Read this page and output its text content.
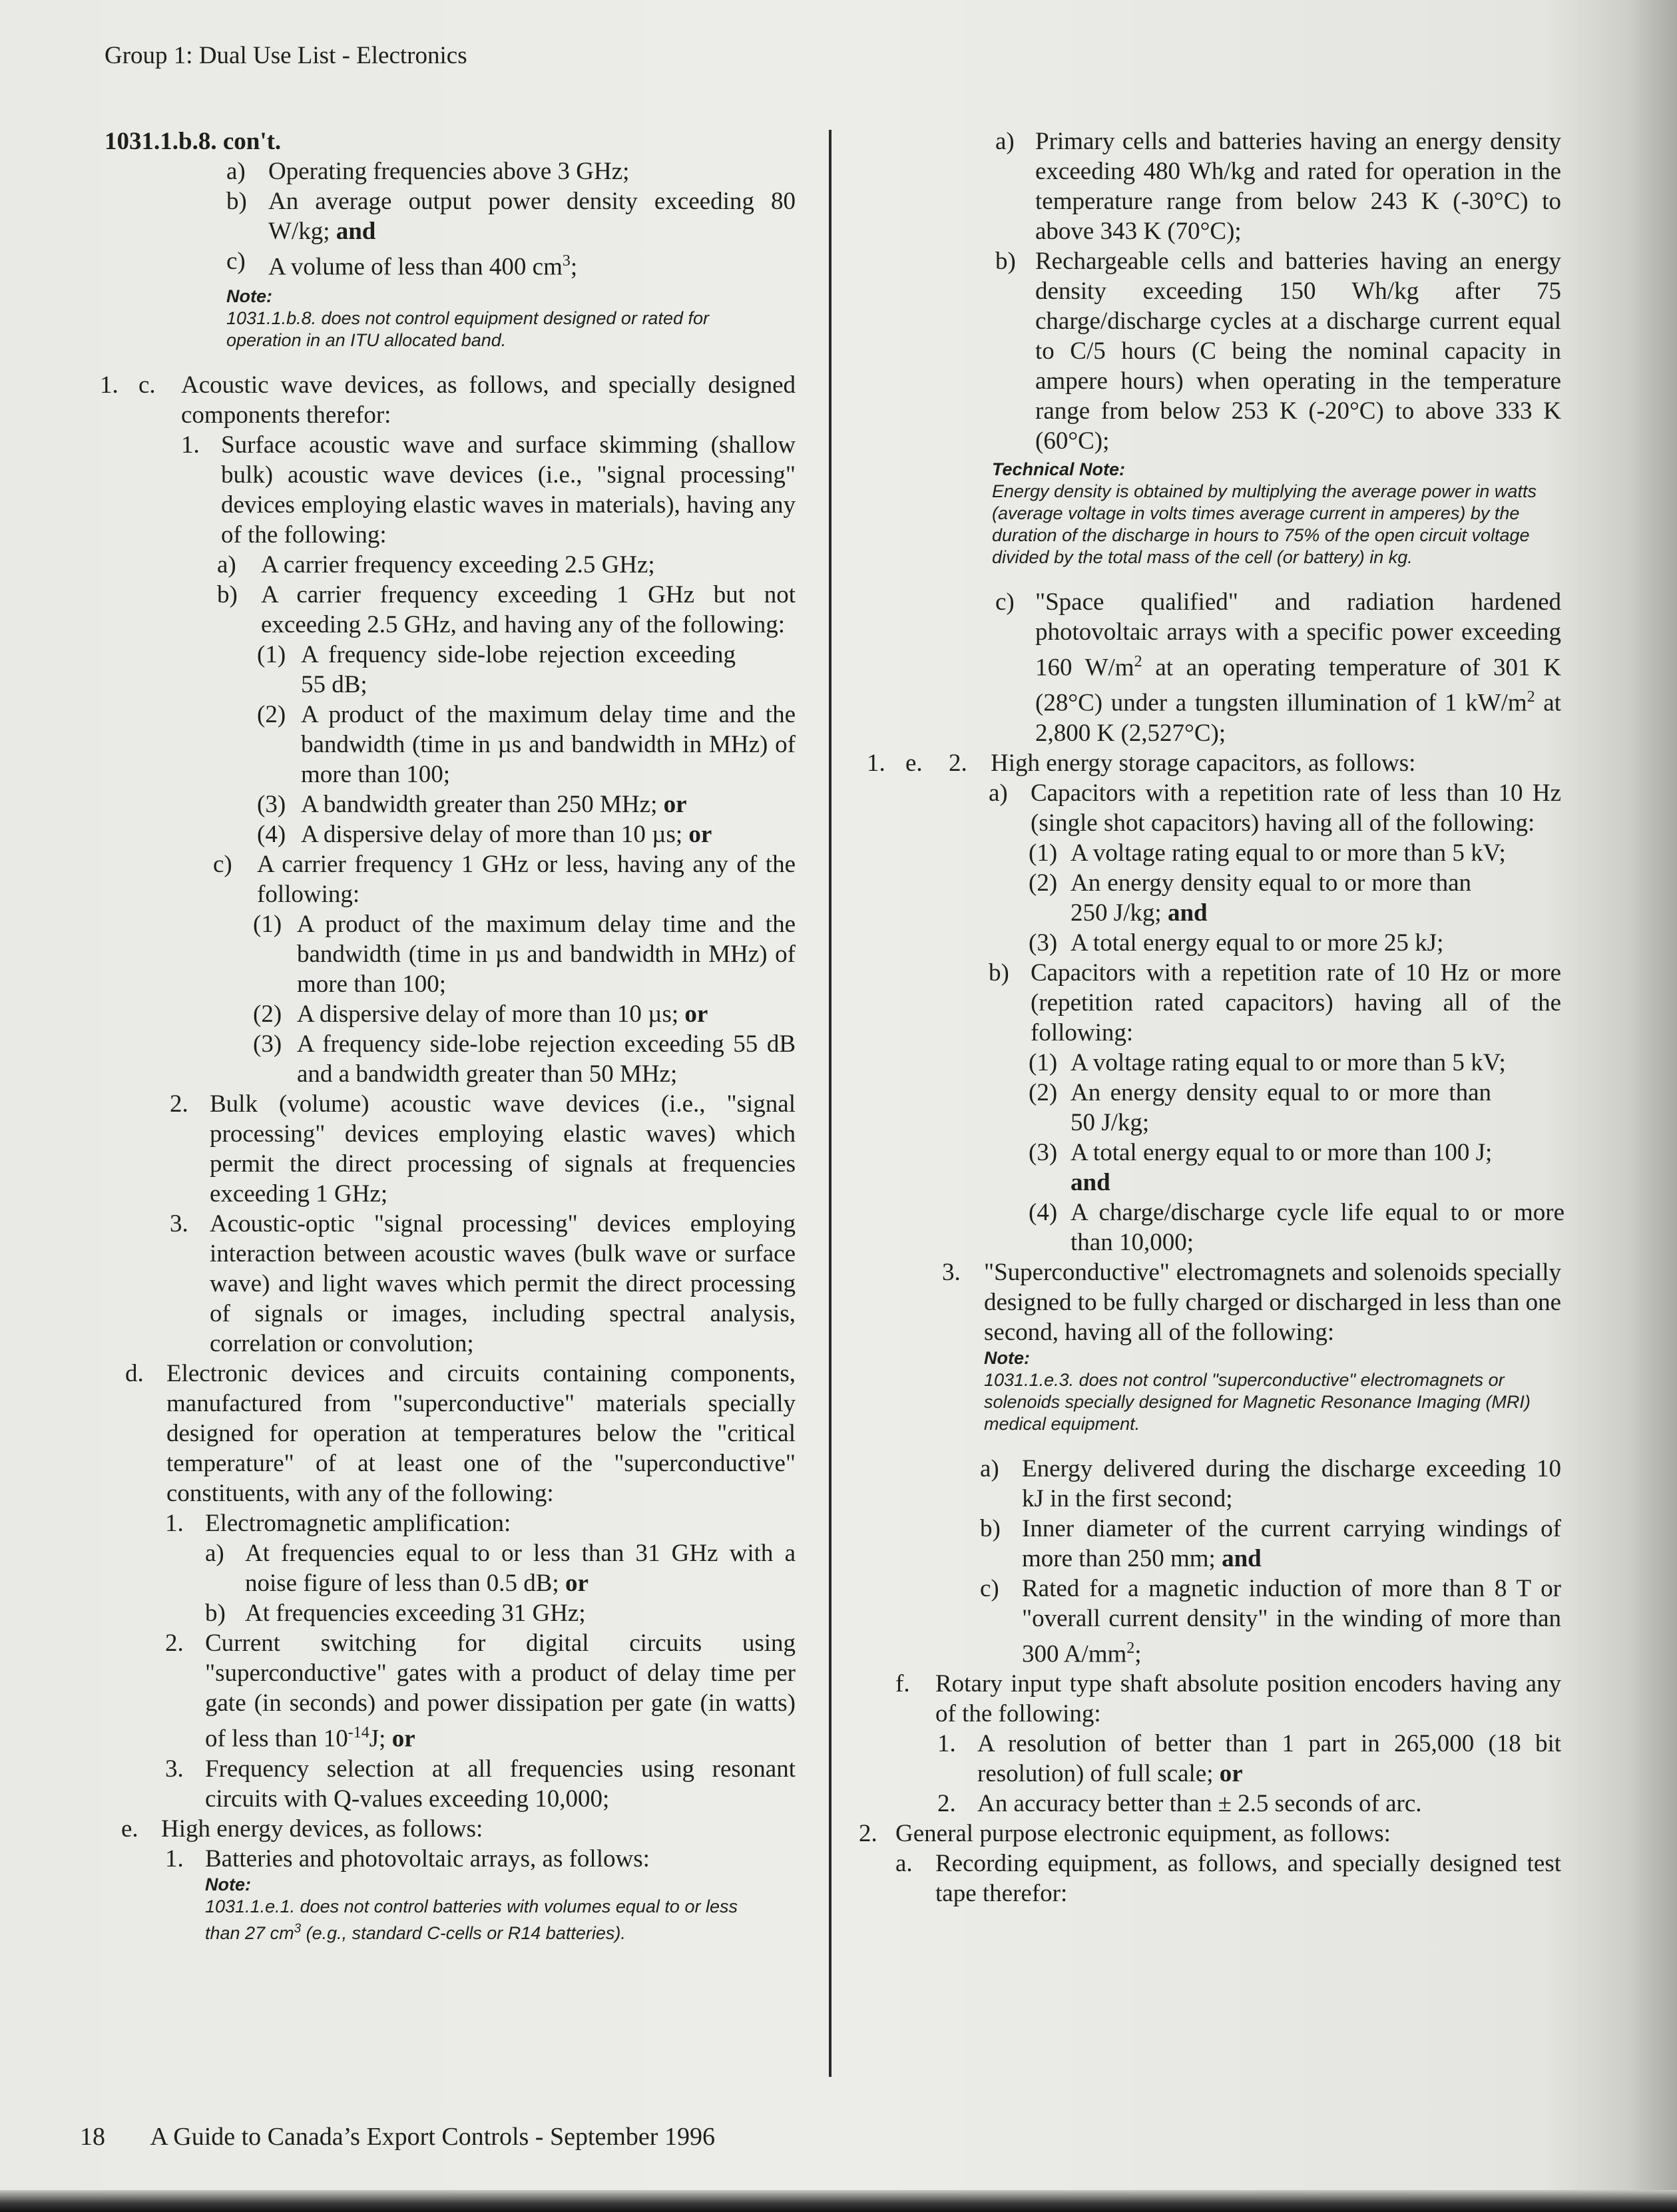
Group 1: Dual Use List - Electronics
1031.1.b.8. con't.
a) Operating frequencies above 3 GHz;
b) An average output power density exceeding 80 W/kg; and
c) A volume of less than 400 $cm^3$;
Note:
1031.1.b.8. does not control equipment designed or rated for operation in an ITU allocated band.
1. c. Acoustic wave devices, as follows, and specially designed components therefor:
1. Surface acoustic wave and surface skimming (shallow bulk) acoustic wave devices (i.e., "signal processing" devices employing elastic waves in materials), having any of the following:
a) A carrier frequency exceeding 2.5 GHz;
b) A carrier frequency exceeding 1 GHz but not exceeding 2.5 GHz, and having any of the following:
(1) A frequency side-lobe rejection exceeding 55 dB;
(2) A product of the maximum delay time and the bandwidth (time in µs and bandwidth in MHz) of more than 100;
(3) A bandwidth greater than 250 MHz; or
(4) A dispersive delay of more than 10 µs; or
c) A carrier frequency 1 GHz or less, having any of the following:
(1) A product of the maximum delay time and the bandwidth (time in µs and bandwidth in MHz) of more than 100;
(2) A dispersive delay of more than 10 µs; or
(3) A frequency side-lobe rejection exceeding 55 dB and a bandwidth greater than 50 MHz;
2. Bulk (volume) acoustic wave devices (i.e., "signal processing" devices employing elastic waves) which permit the direct processing of signals at frequencies exceeding 1 GHz;
3. Acoustic-optic "signal processing" devices employing interaction between acoustic waves (bulk wave or surface wave) and light waves which permit the direct processing of signals or images, including spectral analysis, correlation or convolution;
d. Electronic devices and circuits containing components, manufactured from "superconductive" materials specially designed for operation at temperatures below the "critical temperature" of at least one of the "superconductive" constituents, with any of the following:
1. Electromagnetic amplification:
a) At frequencies equal to or less than 31 GHz with a noise figure of less than 0.5 dB; or
b) At frequencies exceeding 31 GHz;
2. Current switching for digital circuits using "superconductive" gates with a product of delay time per gate (in seconds) and power dissipation per gate (in watts) of less than $10^{-14}J$; or
3. Frequency selection at all frequencies using resonant circuits with Q-values exceeding 10,000;
e. High energy devices, as follows:
1. Batteries and photovoltaic arrays, as follows:
Note:
1031.1.e.1. does not control batteries with volumes equal to or less than 27 $cm^3$ (e.g., standard C-cells or R14 batteries).
a) Primary cells and batteries having an energy density exceeding 480 Wh/kg and rated for operation in the temperature range from below 243 K (-30°C) to above 343 K (70°C);
b) Rechargeable cells and batteries having an energy density exceeding 150 Wh/kg after 75 charge/discharge cycles at a discharge current equal to C/5 hours (C being the nominal capacity in ampere hours) when operating in the temperature range from below 253 K (-20°C) to above 333 K (60°C);
Technical Note:
Energy density is obtained by multiplying the average power in watts (average voltage in volts times average current in amperes) by the duration of the discharge in hours to 75% of the open circuit voltage divided by the total mass of the cell (or battery) in kg.
c) "Space qualified" and radiation hardened photovoltaic arrays with a specific power exceeding 160 $W/m^2$ at an operating temperature of 301 K (28°C) under a tungsten illumination of 1 $kW/m^2$ at 2,800 K (2,527°C);
1. e. 2. High energy storage capacitors, as follows:
a) Capacitors with a repetition rate of less than 10 Hz (single shot capacitors) having all of the following:
(1) A voltage rating equal to or more than 5 kV;
(2) An energy density equal to or more than 250 J/kg; and
(3) A total energy equal to or more 25 kJ;
b) Capacitors with a repetition rate of 10 Hz or more (repetition rated capacitors) having all of the following:
(1) A voltage rating equal to or more than 5 kV;
(2) An energy density equal to or more than 50 J/kg;
(3) A total energy equal to or more than 100 J;
and
(4) A charge/discharge cycle life equal to or more than 10,000;
3. "Superconductive" electromagnets and solenoids specially designed to be fully charged or discharged in less than one second, having all of the following:
Note:
1031.1.e.3. does not control "superconductive" electromagnets or solenoids specially designed for Magnetic Resonance Imaging (MRI) medical equipment.
a) Energy delivered during the discharge exceeding 10 kJ in the first second;
b) Inner diameter of the current carrying windings of more than 250 mm; and
c) Rated for a magnetic induction of more than 8 T or "overall current density" in the winding of more than 300 $A/mm^2$;
f. Rotary input type shaft absolute position encoders having any of the following:
1. A resolution of better than 1 part in 265,000 (18 bit resolution) of full scale; or
2. An accuracy better than ± 2.5 seconds of arc.
2. General purpose electronic equipment, as follows:
a. Recording equipment, as follows, and specially designed test tape therefor:
18 A Guide to Canada’s Export Controls - September 1996
